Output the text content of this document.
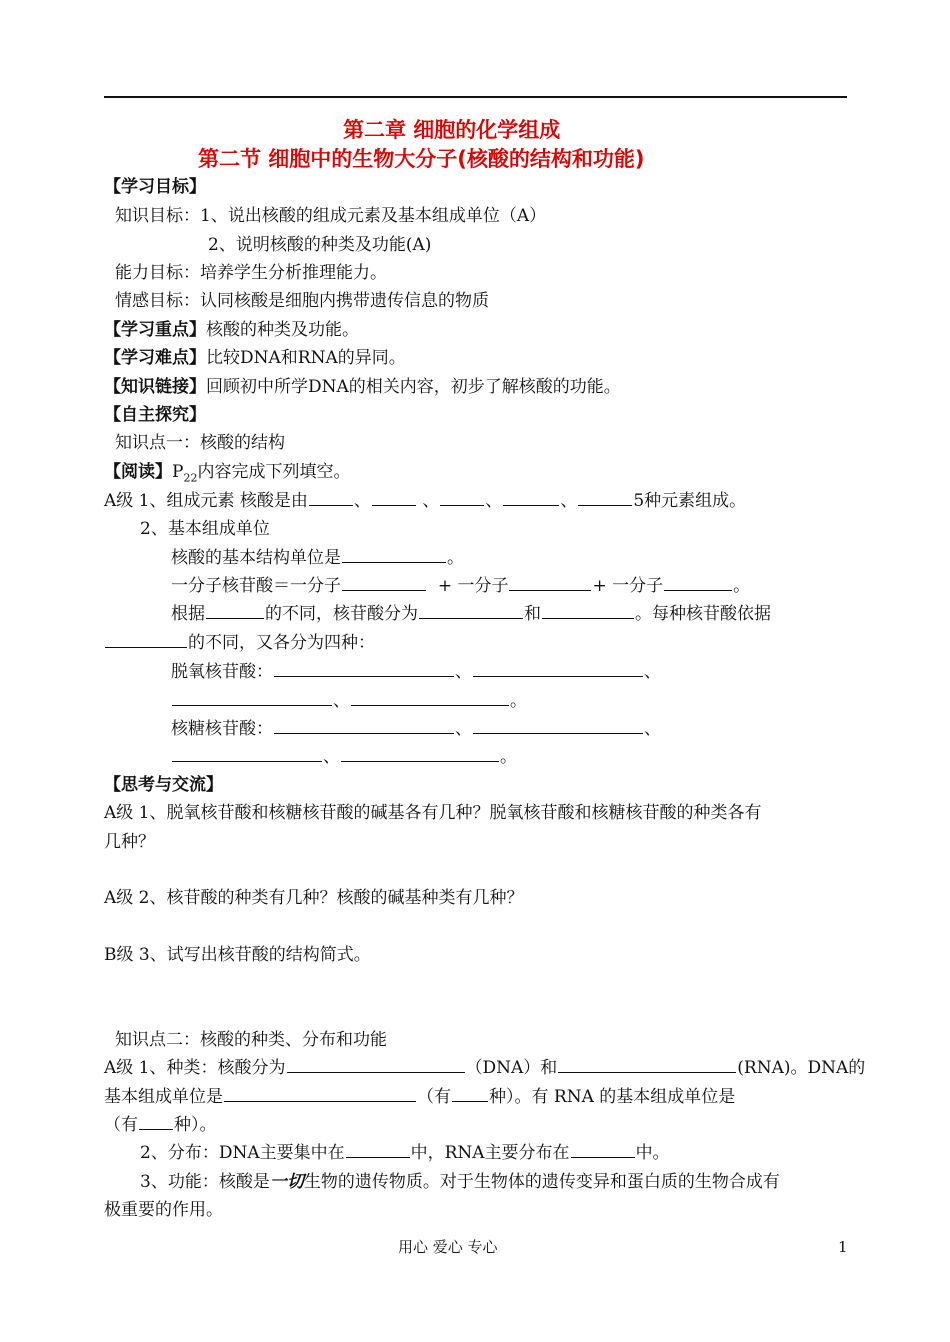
第二章 细胞的化学组成
第二节 细胞中的生物大分子(核酸的结构和功能)
【学习目标】
知识目标：1、说出核酸的组成元素及基本组成单位（A）
2、说明核酸的种类及功能(A)
能力目标：培养学生分析推理能力。
情感目标：认同核酸是细胞内携带遗传信息的物质
【学习重点】核酸的种类及功能。
【学习难点】比较DNA和RNA的异同。
【知识链接】回顾初中所学DNA的相关内容，初步了解核酸的功能。
【自主探究】
知识点一：核酸的结构
【阅读】$P_{22}$内容完成下列填空。
A级 1、组成元素 核酸是由	、	、	、	、	5种元素组成。
2、基本组成单位
核酸的基本结构单位是	。
一分子核苷酸＝一分子	+ 一分子	+ 一分子	。
根据	的不同，核苷酸分为	和	。每种核苷酸依据
的不同，又各分为四种：
脱氧核苷酸：	、	、
、	。
核糖核苷酸：	、	、
、	。
【思考与交流】
A级 1、脱氧核苷酸和核糖核苷酸的碱基各有几种？脱氧核苷酸和核糖核苷酸的种类各有
几种？
A级 2、核苷酸的种类有几种？核酸的碱基种类有几种？
B级 3、试写出核苷酸的结构简式。
知识点二：核酸的种类、分布和功能
A级 1、种类：核酸分为	（DNA）和	(RNA)。DNA的
基本组成单位是	（有 种）。有 RNA 的基本组成单位是
（有 种）。
2、分布：DNA主要集中在	中，RNA主要分布在	中。
3、功能：核酸是一切生物的遗传物质。对于生物体的遗传变异和蛋白质的生物合成有
极重要的作用。
用心 爱心 专心	1
